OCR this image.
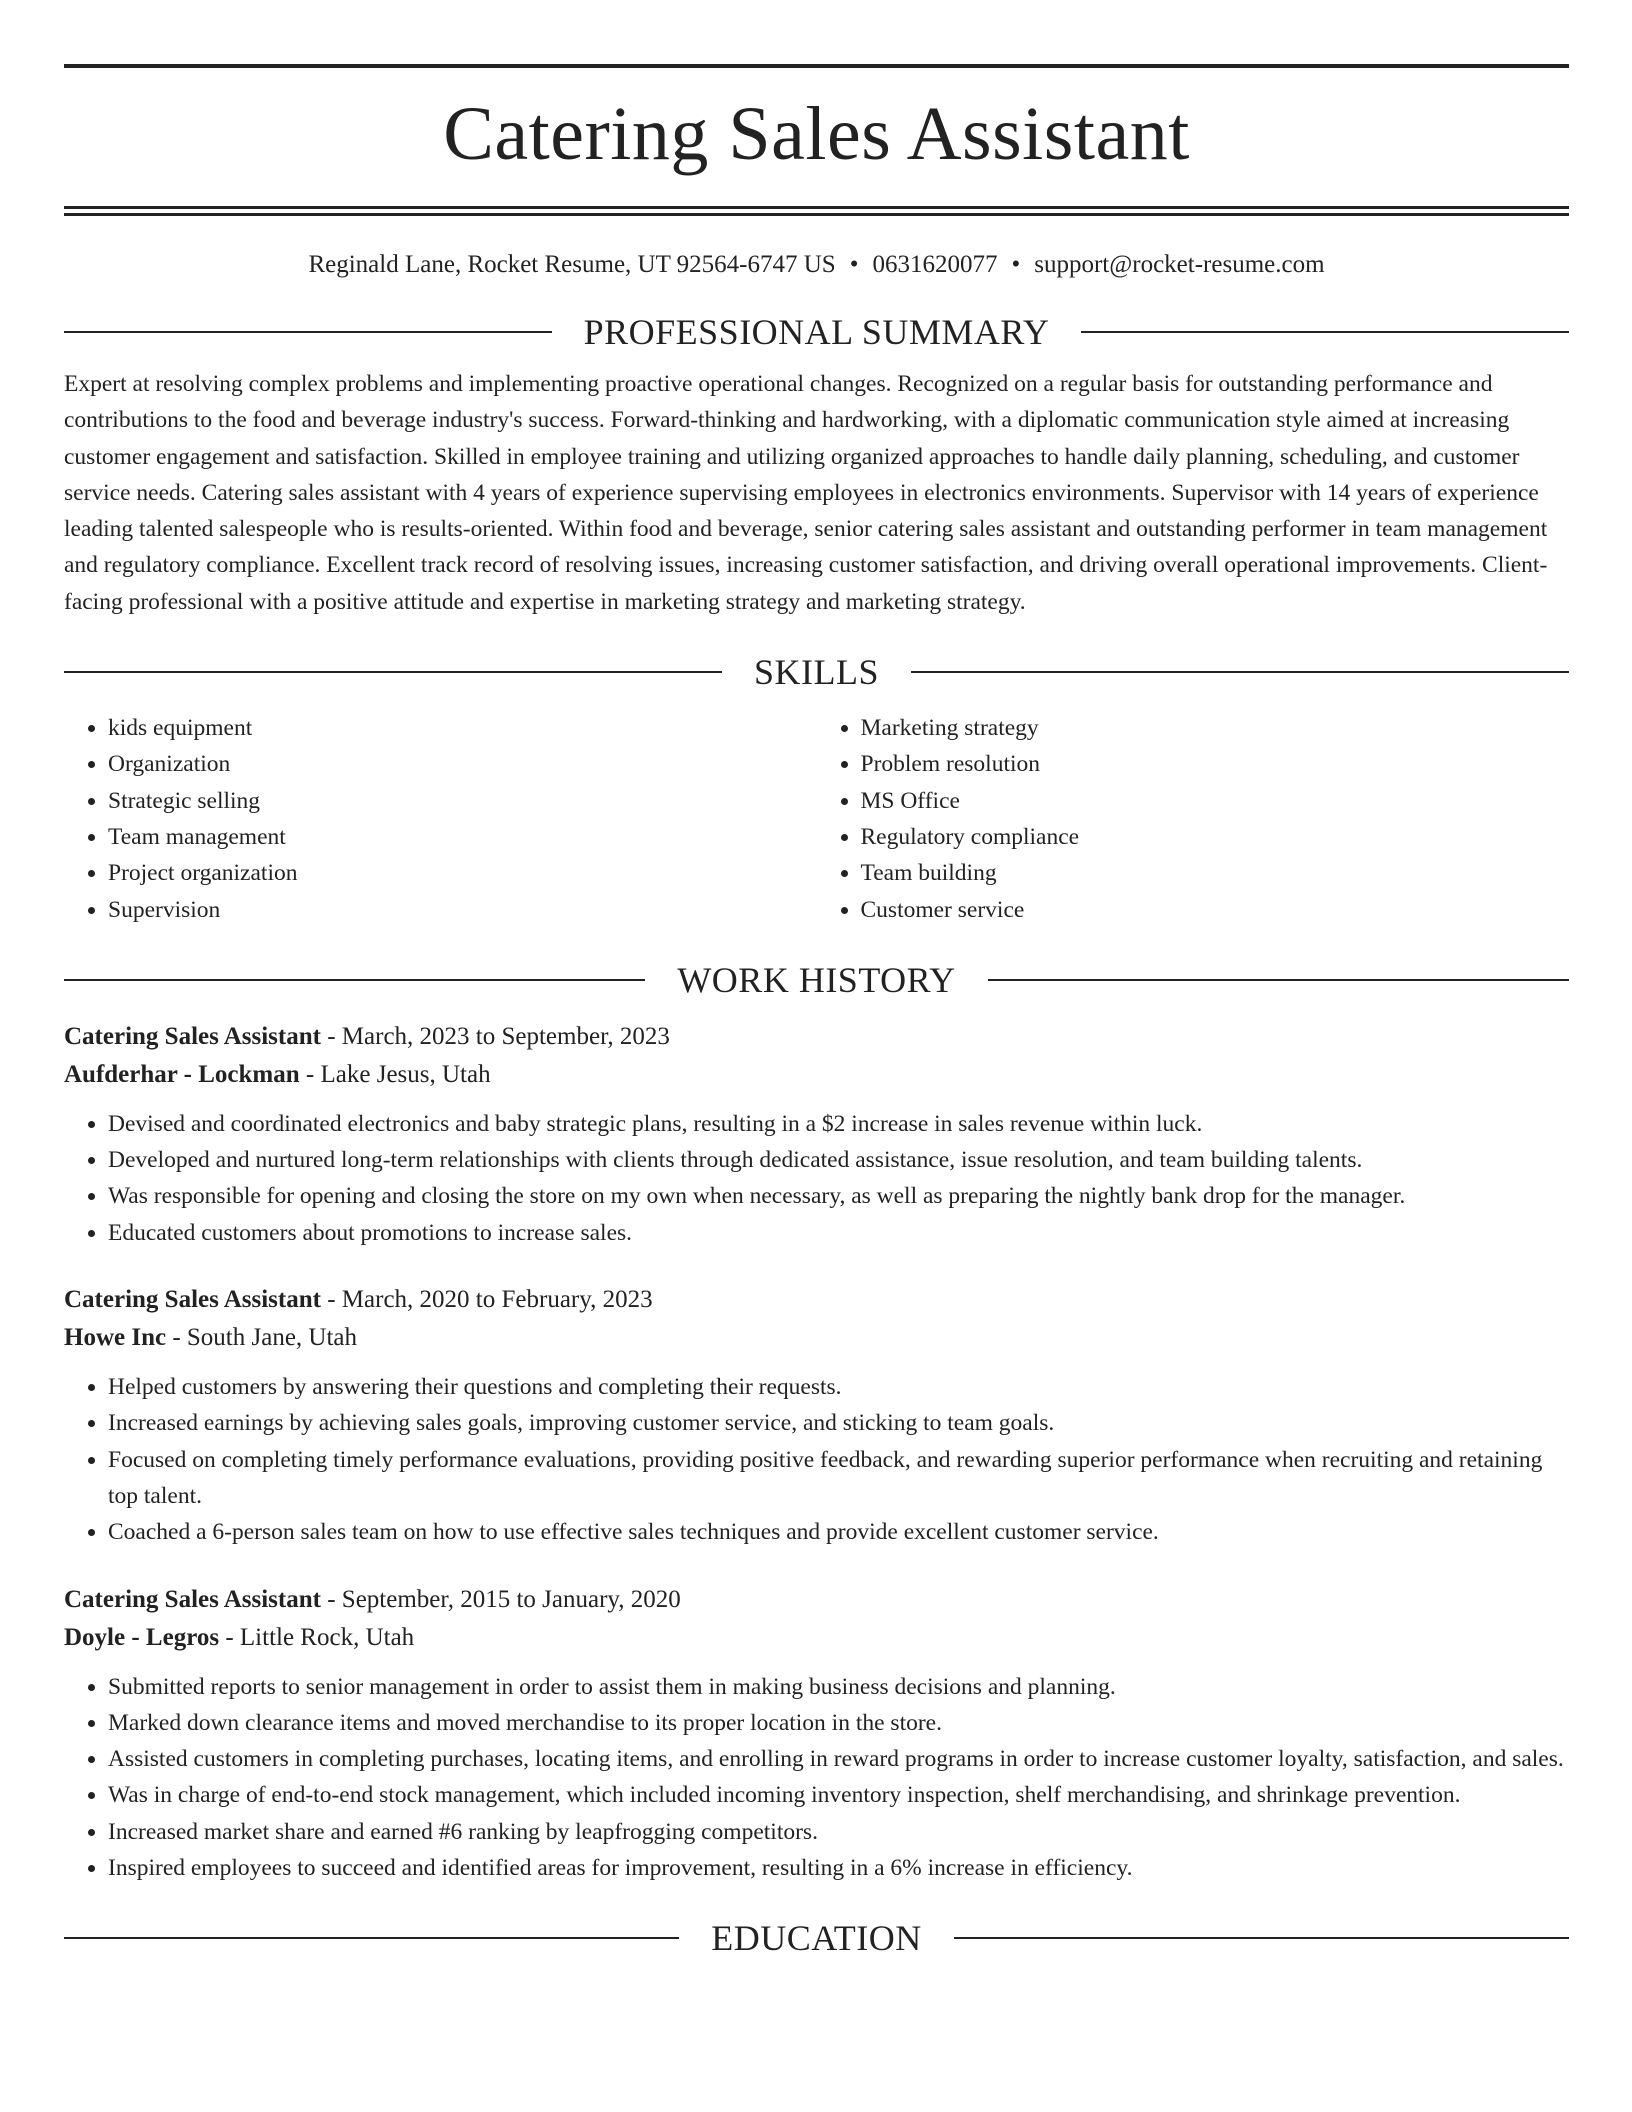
Catering Sales Assistant
Reginald Lane, Rocket Resume, UT 92564-6747 US • 0631620077 • support@rocket-resume.com
PROFESSIONAL SUMMARY
Expert at resolving complex problems and implementing proactive operational changes. Recognized on a regular basis for outstanding performance and contributions to the food and beverage industry's success. Forward-thinking and hardworking, with a diplomatic communication style aimed at increasing customer engagement and satisfaction. Skilled in employee training and utilizing organized approaches to handle daily planning, scheduling, and customer service needs. Catering sales assistant with 4 years of experience supervising employees in electronics environments. Supervisor with 14 years of experience leading talented salespeople who is results-oriented. Within food and beverage, senior catering sales assistant and outstanding performer in team management and regulatory compliance. Excellent track record of resolving issues, increasing customer satisfaction, and driving overall operational improvements. Client-facing professional with a positive attitude and expertise in marketing strategy and marketing strategy.
SKILLS
• kids equipment
• Organization
• Strategic selling
• Team management
• Project organization
• Supervision
• Marketing strategy
• Problem resolution
• MS Office
• Regulatory compliance
• Team building
• Customer service
WORK HISTORY
Catering Sales Assistant - March, 2023 to September, 2023
Aufderhar - Lockman - Lake Jesus, Utah
• Devised and coordinated electronics and baby strategic plans, resulting in a $2 increase in sales revenue within luck.
• Developed and nurtured long-term relationships with clients through dedicated assistance, issue resolution, and team building talents.
• Was responsible for opening and closing the store on my own when necessary, as well as preparing the nightly bank drop for the manager.
• Educated customers about promotions to increase sales.
Catering Sales Assistant - March, 2020 to February, 2023
Howe Inc - South Jane, Utah
• Helped customers by answering their questions and completing their requests.
• Increased earnings by achieving sales goals, improving customer service, and sticking to team goals.
• Focused on completing timely performance evaluations, providing positive feedback, and rewarding superior performance when recruiting and retaining top talent.
• Coached a 6-person sales team on how to use effective sales techniques and provide excellent customer service.
Catering Sales Assistant - September, 2015 to January, 2020
Doyle - Legros - Little Rock, Utah
• Submitted reports to senior management in order to assist them in making business decisions and planning.
• Marked down clearance items and moved merchandise to its proper location in the store.
• Assisted customers in completing purchases, locating items, and enrolling in reward programs in order to increase customer loyalty, satisfaction, and sales.
• Was in charge of end-to-end stock management, which included incoming inventory inspection, shelf merchandising, and shrinkage prevention.
• Increased market share and earned #6 ranking by leapfrogging competitors.
• Inspired employees to succeed and identified areas for improvement, resulting in a 6% increase in efficiency.
EDUCATION
